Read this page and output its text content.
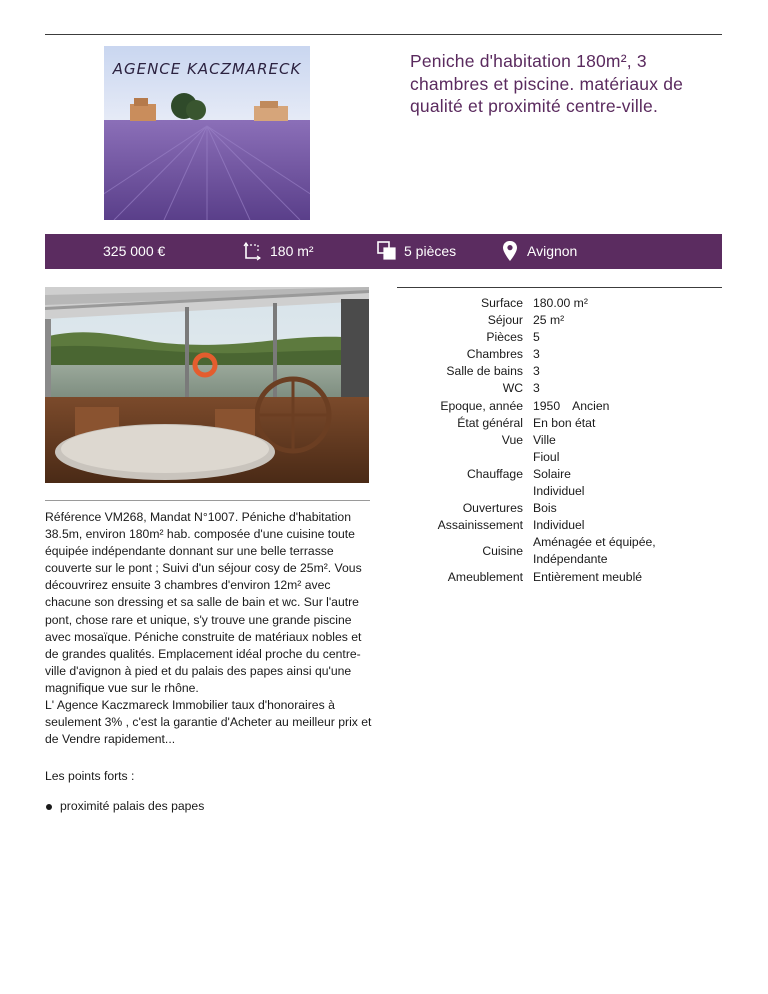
AGENCE KACZMARECK	Peniche d'habitation 180m², 3 chambres et piscine. matériaux de qualité et proximité centre-ville.
325 000 €	180 m²	5 pièces	Avignon
Référence VM268, Mandat N°1007. Péniche d'habitation 38.5m, environ 180m² hab. composée d'une cuisine toute équipée indépendante donnant sur une belle terrasse couverte sur le pont ; Suivi d'un séjour cosy de 25m². Vous découvrirez ensuite 3 chambres d'environ 12m² avec chacune son dressing et sa salle de bain et wc. Sur l'autre pont, chose rare et unique, s'y trouve une grande piscine avec mosaïque. Péniche construite de matériaux nobles et de grandes qualités. Emplacement idéal proche du centre-ville d'avignon à pied et du palais des papes ainsi qu'une magnifique vue sur le rhône.
L' Agence Kaczmareck Immobilier taux d'honoraires à seulement 3% , c'est la garantie d'Acheter au meilleur prix et de Vendre rapidement...
Les points forts :
proximité palais des papes
Surface	180.00 m²
Séjour	25 m²
Pièces	5
Chambres	3
Salle de bains	3
WC	3
Epoque, année	1950 Ancien
État général	En bon état
Vue	Ville
Chauffage	Fioul
Solaire
Individuel

Ouvertures	Bois
Assainissement	Individuel
Cuisine	Aménagée et équipée,
Indépendante

Ameublement	Entièrement meublé
